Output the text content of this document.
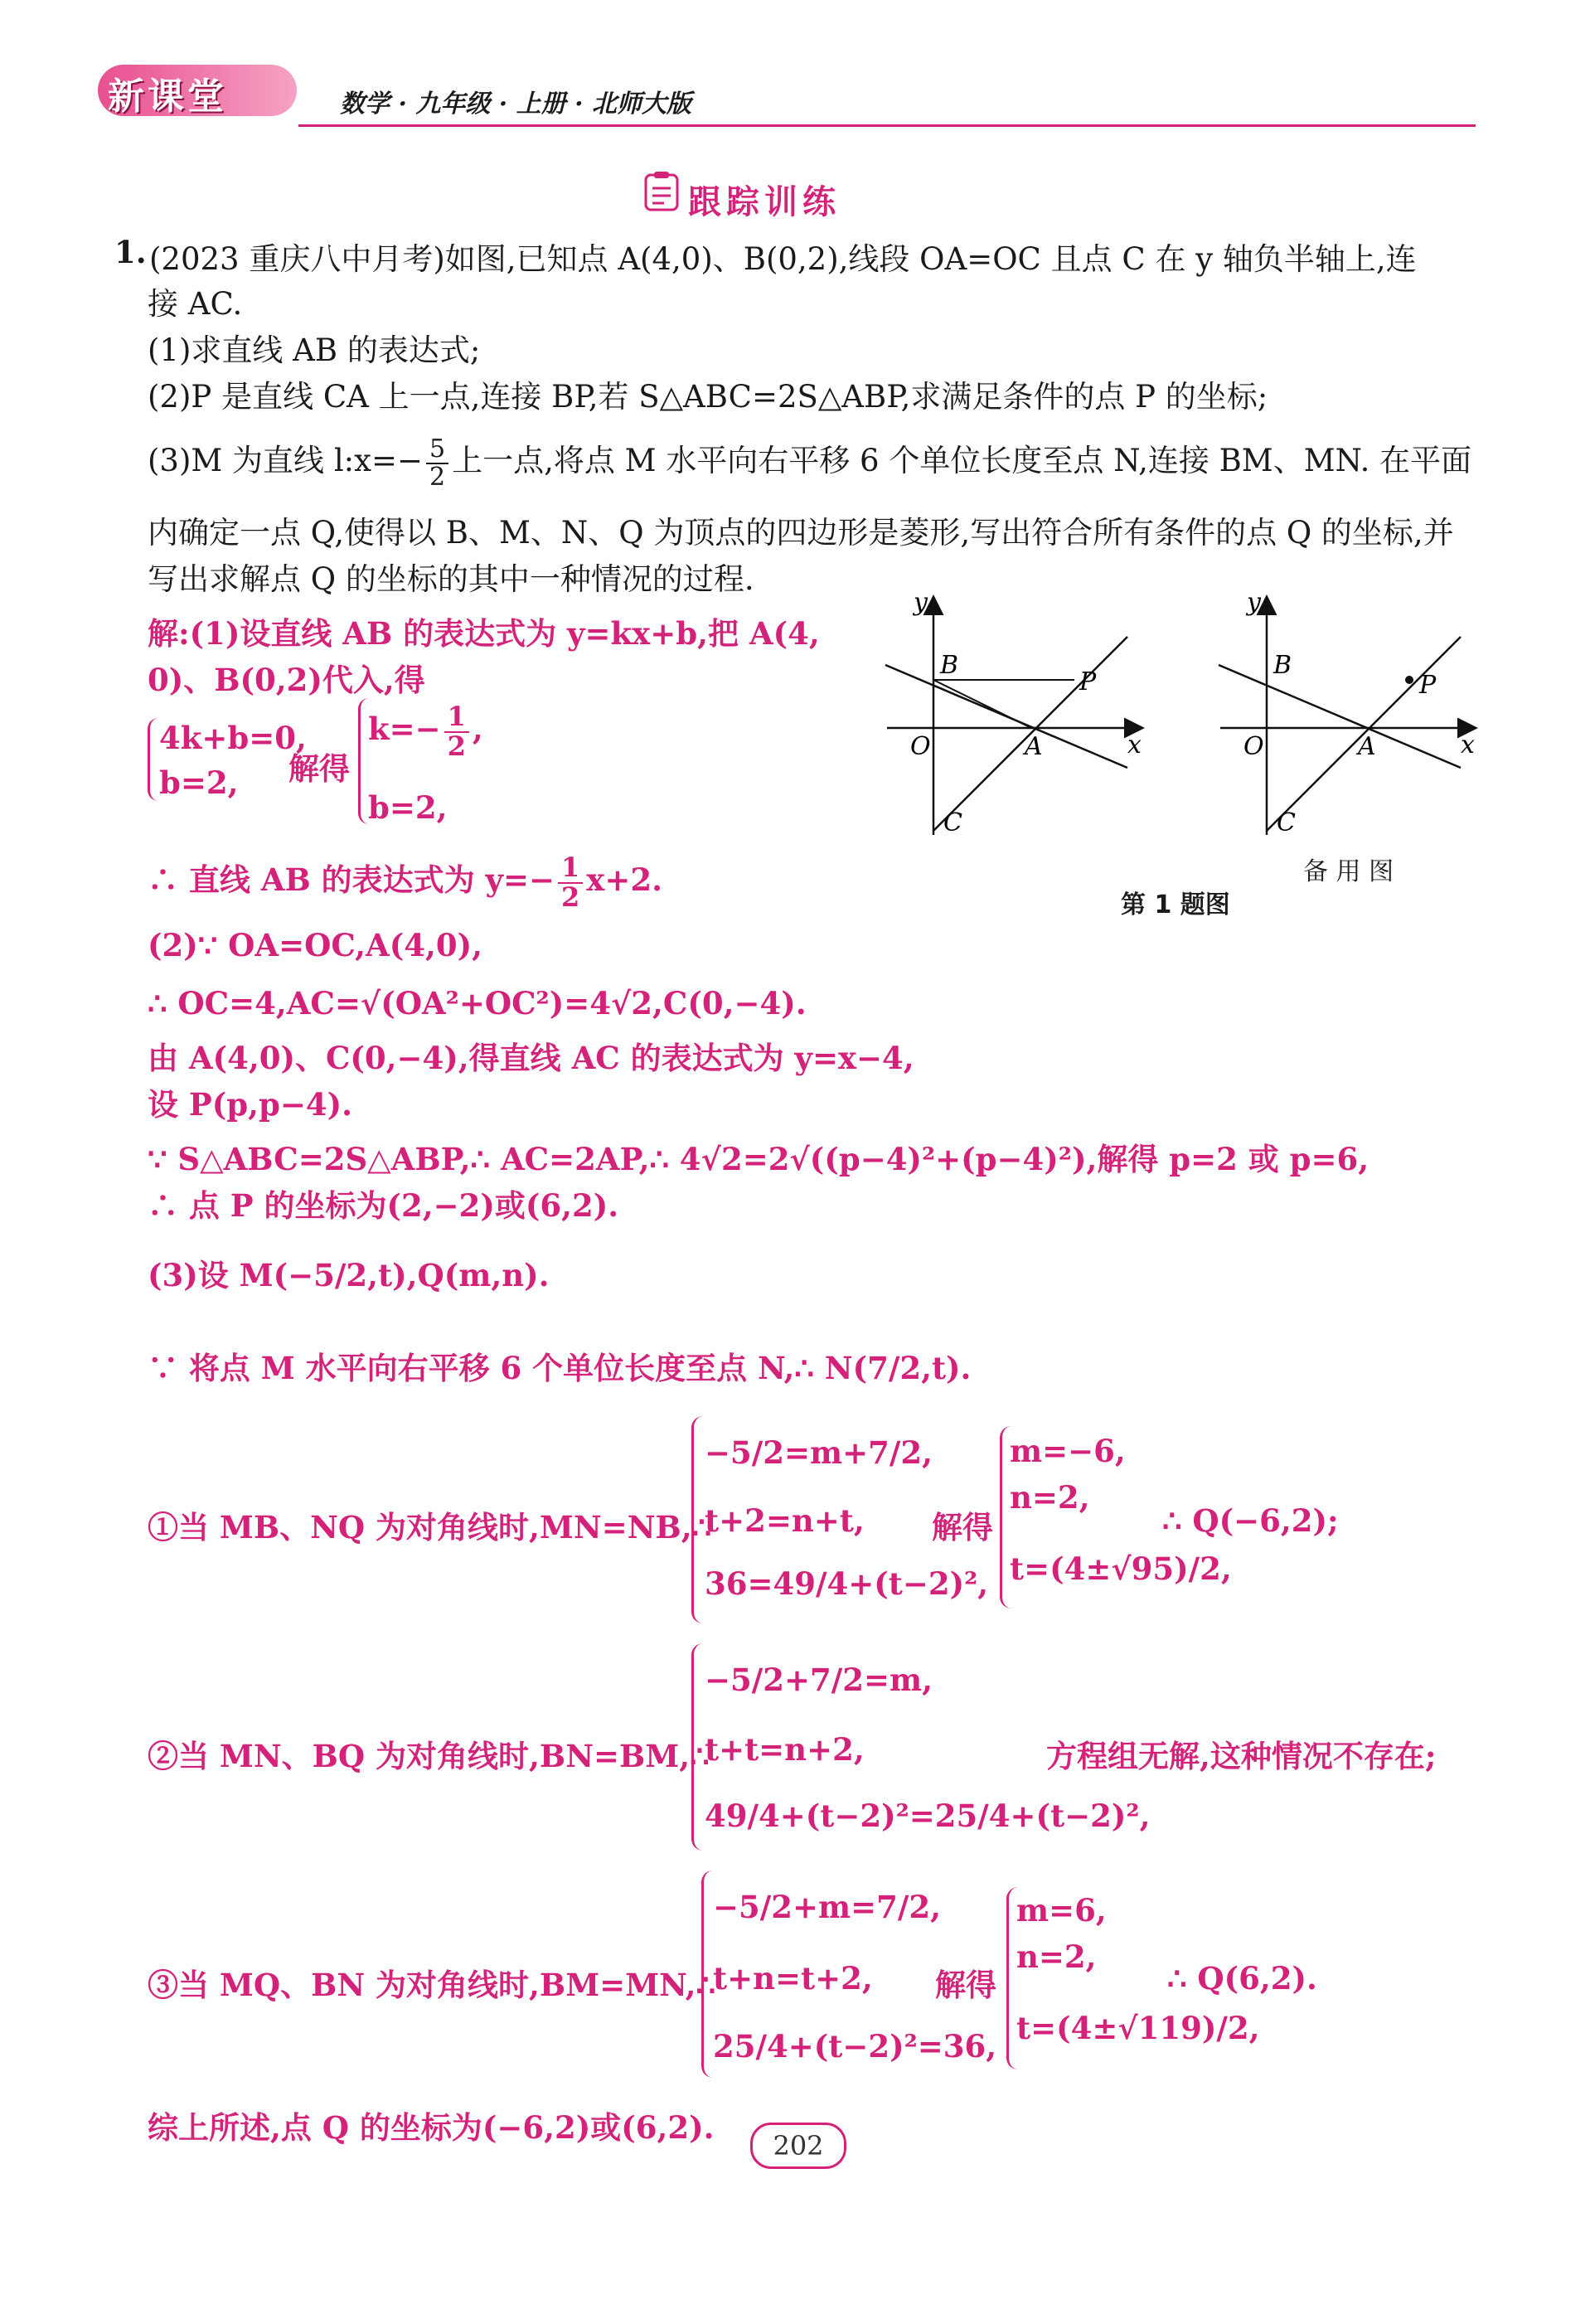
新课堂	数学 · 九年级 · 上册 · 北师大版
跟踪训练
1. (2023 重庆八中月考)如图,已知点 A(4,0)、B(0,2),线段 OA=OC 且点 C 在 y 轴负半轴上,连
接 AC.
(1)求直线 AB 的表达式;
(2)P 是直线 CA 上一点,连接 BP,若 S△ABC=2S△ABP,求满足条件的点 P 的坐标;
(3)M 为直线 l:x=− $\frac{5}{2}$ 上一点,将点 M 水平向右平移 6 个单位长度至点 N,连接 BM、MN. 在平面
内确定一点 Q,使得以 B、M、N、Q 为顶点的四边形是菱形,写出符合所有条件的点 Q 的坐标,并
写出求解点 Q 的坐标的其中一种情况的过程.
解:(1)设直线 AB 的表达式为 y=kx+b,把 A(4,
0)、B(0,2)代入,得
4k+b=0,
b=2, 解得
$k=- \frac{1}{2}$ ,
b=2,
∴ 直线 AB 的表达式为 $y=- \frac{1}{2} x+2$.
(2)∵ OA=OC,A(4,0),
∴ OC=4,AC=√(OA²+OC²)=4√2,C(0,−4).
由 A(4,0)、C(0,−4),得直线 AC 的表达式为 y=x−4,
设 P(p,p−4).
∵ S△ABC=2S△ABP,∴ AC=2AP,∴ 4√2=2√((p−4)²+(p−4)²),解得 p=2 或 p=6,
∴ 点 P 的坐标为(2,−2)或(6,2).
(3)设 M(−5/2,t),Q(m,n).
∵ 将点 M 水平向右平移 6 个单位长度至点 N,∴ N(7/2,t).
①当 MB、NQ 为对角线时,MN=NB,∴
−5/2=m+7/2,
t+2=n+t,
36=49/4+(t−2)²,
解得
m=−6,
n=2,
t=(4±√95)/2,
∴ Q(−6,2);
②当 MN、BQ 为对角线时,BN=BM,∴
−5/2+7/2=m,
t+t=n+2,
49/4+(t−2)²=25/4+(t−2)²,
方程组无解,这种情况不存在;
③当 MQ、BN 为对角线时,BM=MN,∴
−5/2+m=7/2,
t+n=t+2,
25/4+(t−2)²=36,
解得
m=6,
n=2,
t=(4±√119)/2,
∴ Q(6,2).
综上所述,点 Q 的坐标为(−6,2)或(6,2).
y
x
B
P
O	A
C
y
x
B
P
O	A
C
第 1 题图
备 用 图
202
